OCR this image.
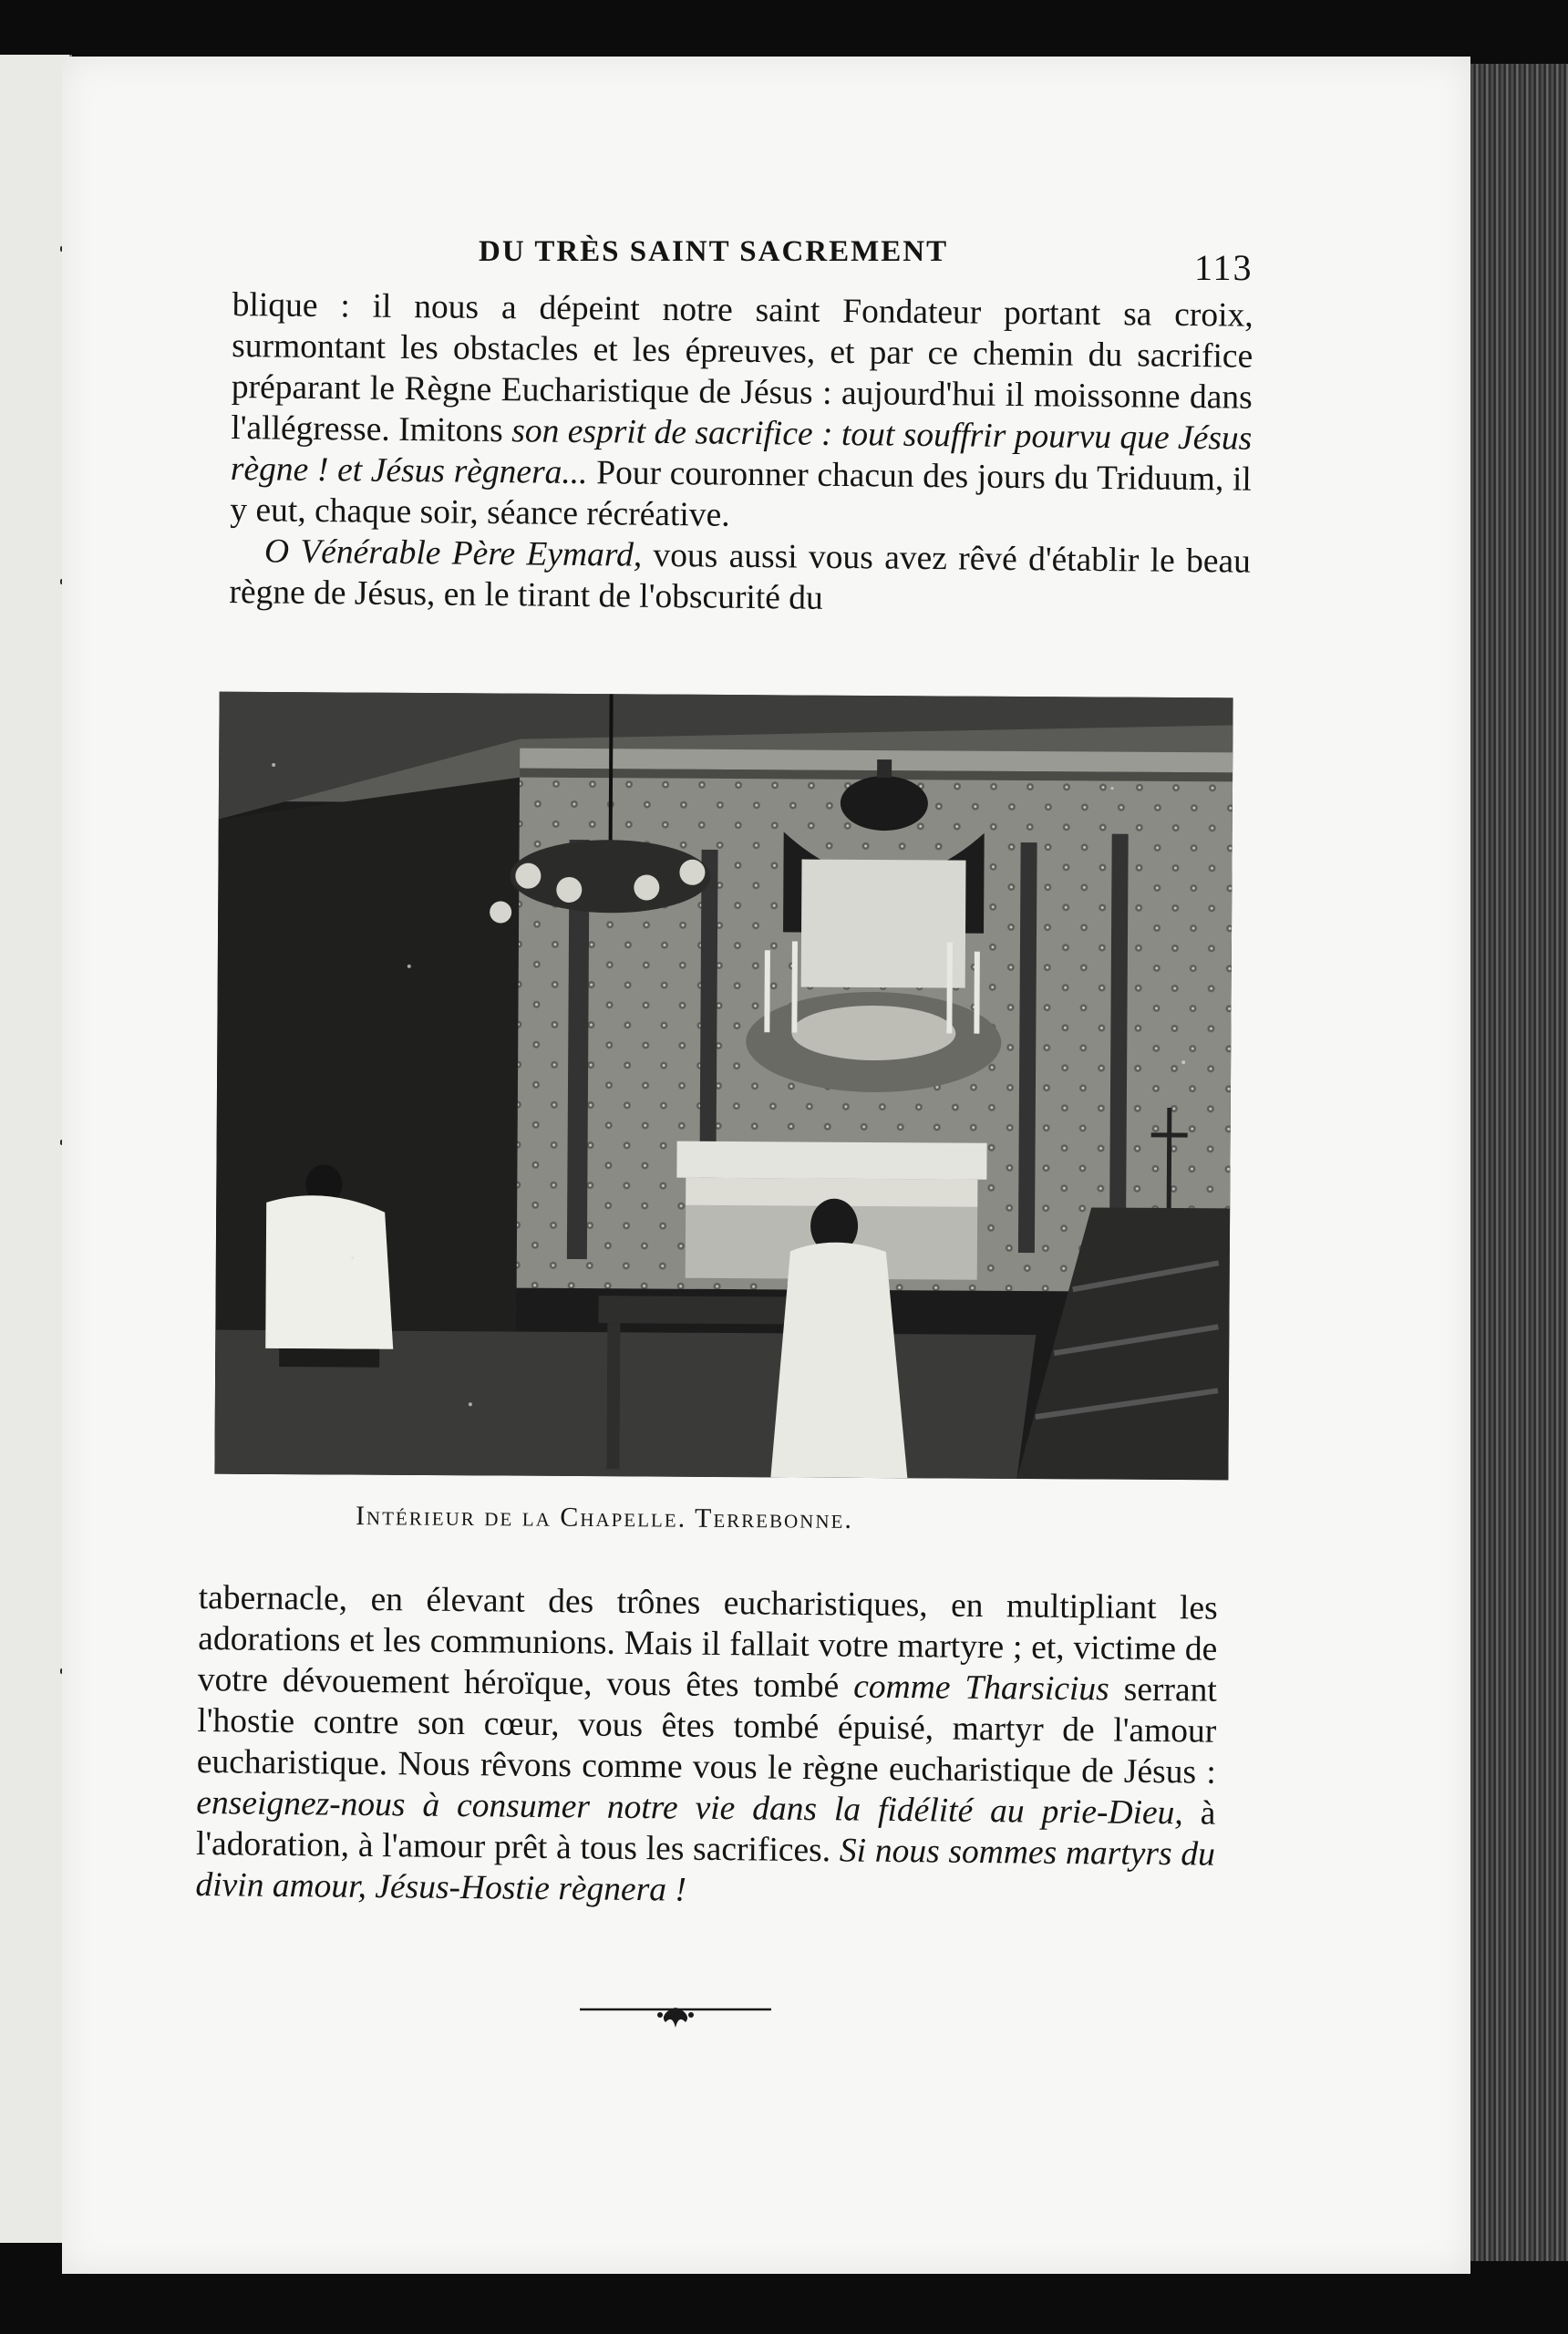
DU TRÈS SAINT SACREMENT	113

blique : il nous a dépeint notre saint Fondateur portant sa croix, surmontant les obstacles et les épreuves, et par ce chemin du sacrifice préparant le Règne Eucharistique de Jésus : aujourd'hui il moissonne dans l'allégresse. Imitons son esprit de sacrifice : tout souffrir pourvu que Jésus règne ! et Jésus règnera... Pour couronner chacun des jours du Triduum, il y eut, chaque soir, séance récréative.

O Vénérable Père Eymard, vous aussi vous avez rêvé d'établir le beau règne de Jésus, en le tirant de l'obscurité du

Intérieur de la Chapelle. Terrebonne.

tabernacle, en élevant des trônes eucharistiques, en multipliant les adorations et les communions. Mais il fallait votre martyre ; et, victime de votre dévouement héroïque, vous êtes tombé comme Tharsicius serrant l'hostie contre son cœur, vous êtes tombé épuisé, martyr de l'amour eucharistique. Nous rêvons comme vous le règne eucharistique de Jésus : enseignez-nous à consumer notre vie dans la fidélité au prie-Dieu, à l'adoration, à l'amour prêt à tous les sacrifices. Si nous sommes martyrs du divin amour, Jésus-Hostie règnera !
